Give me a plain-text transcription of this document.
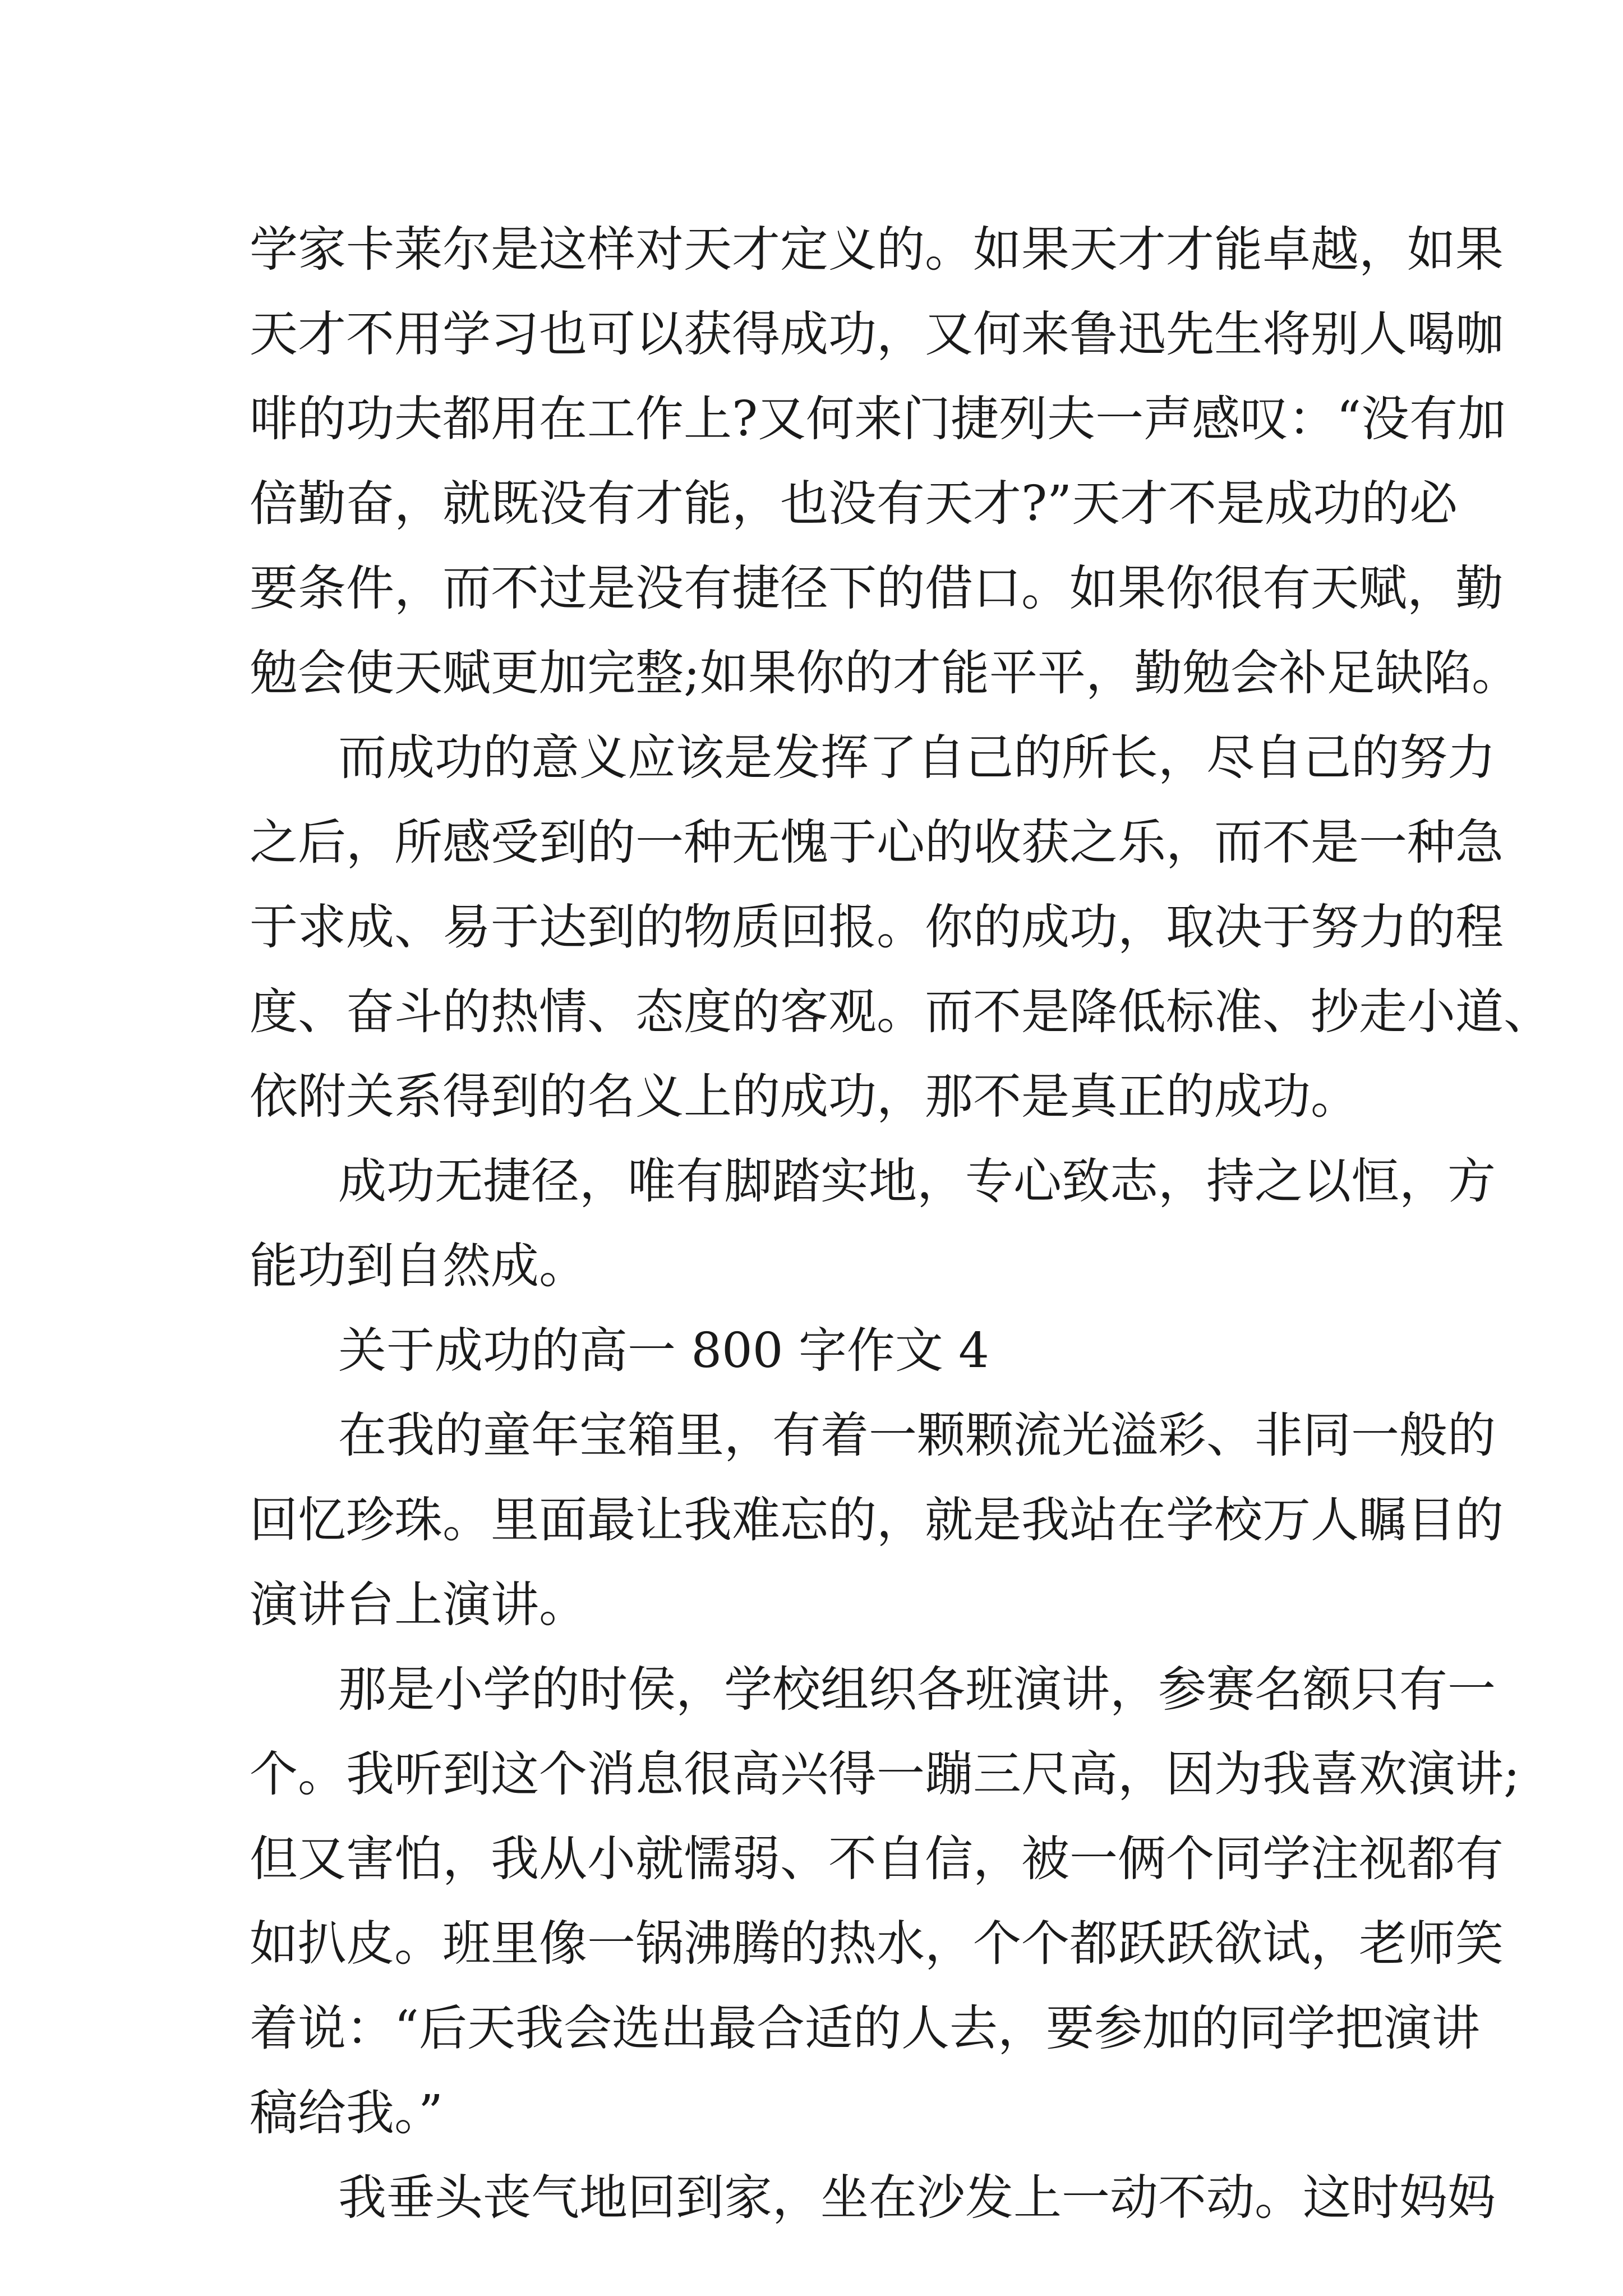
学家卡莱尔是这样对天才定义的。如果天才才能卓越，如果
天才不用学习也可以获得成功，又何来鲁迅先生将别人喝咖
啡的功夫都用在工作上?又何来门捷列夫一声感叹：“没有加
倍勤奋，就既没有才能，也没有天才?”天才不是成功的必
要条件，而不过是没有捷径下的借口。如果你很有天赋，勤
勉会使天赋更加完整;如果你的才能平平，勤勉会补足缺陷。
而成功的意义应该是发挥了自己的所长，尽自己的努力
之后，所感受到的一种无愧于心的收获之乐，而不是一种急
于求成、易于达到的物质回报。你的成功，取决于努力的程
度、奋斗的热情、态度的客观。而不是降低标准、抄走小道、
依附关系得到的名义上的成功，那不是真正的成功。
成功无捷径，唯有脚踏实地，专心致志，持之以恒，方
能功到自然成。
关于成功的高一 800 字作文 4
在我的童年宝箱里，有着一颗颗流光溢彩、非同一般的
回忆珍珠。里面最让我难忘的，就是我站在学校万人瞩目的
演讲台上演讲。
那是小学的时侯，学校组织各班演讲，参赛名额只有一
个。我听到这个消息很高兴得一蹦三尺高，因为我喜欢演讲;
但又害怕，我从小就懦弱、不自信，被一俩个同学注视都有
如扒皮。班里像一锅沸腾的热水，个个都跃跃欲试，老师笑
着说：“后天我会选出最合适的人去，要参加的同学把演讲
稿给我。”
我垂头丧气地回到家，坐在沙发上一动不动。这时妈妈
